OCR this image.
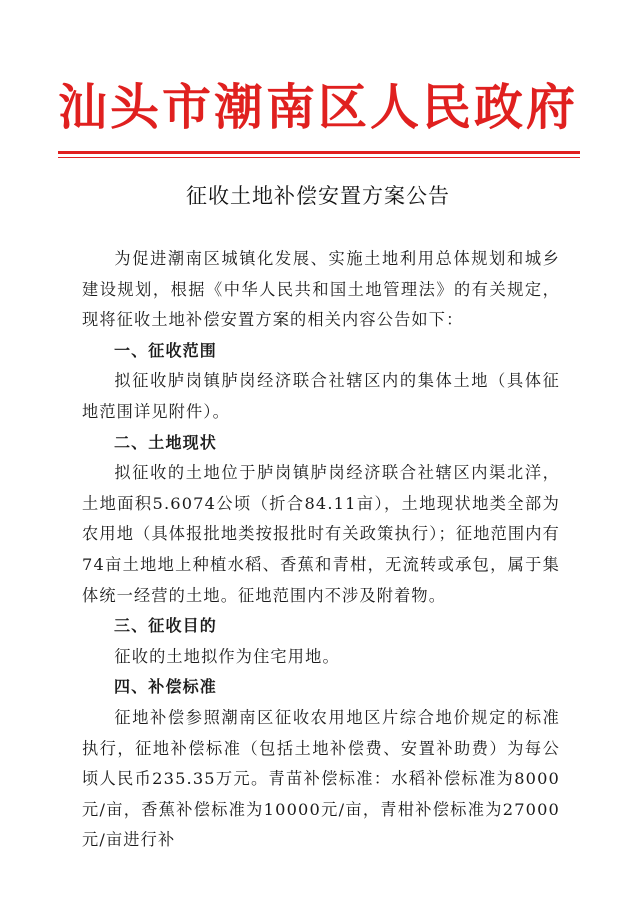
汕头市潮南区人民政府
征收土地补偿安置方案公告

为促进潮南区城镇化发展、实施土地利用总体规划和城乡建设规划，根据《中华人民共和国土地管理法》的有关规定，现将征收土地补偿安置方案的相关内容公告如下：

一、征收范围

拟征收胪岗镇胪岗经济联合社辖区内的集体土地（具体征地范围详见附件）。

二、土地现状

拟征收的土地位于胪岗镇胪岗经济联合社辖区内渠北洋，土地面积5.6074公顷（折合84.11亩），土地现状地类全部为农用地（具体报批地类按报批时有关政策执行）；征地范围内有74亩土地地上种植水稻、香蕉和青柑，无流转或承包，属于集体统一经营的土地。征地范围内不涉及附着物。

三、征收目的

征收的土地拟作为住宅用地。

四、补偿标准

征地补偿参照潮南区征收农用地区片综合地价规定的标准执行，征地补偿标准（包括土地补偿费、安置补助费）为每公顷人民币235.35万元。青苗补偿标准：水稻补偿标准为8000元/亩，香蕉补偿标准为10000元/亩，青柑补偿标准为27000元/亩进行补
